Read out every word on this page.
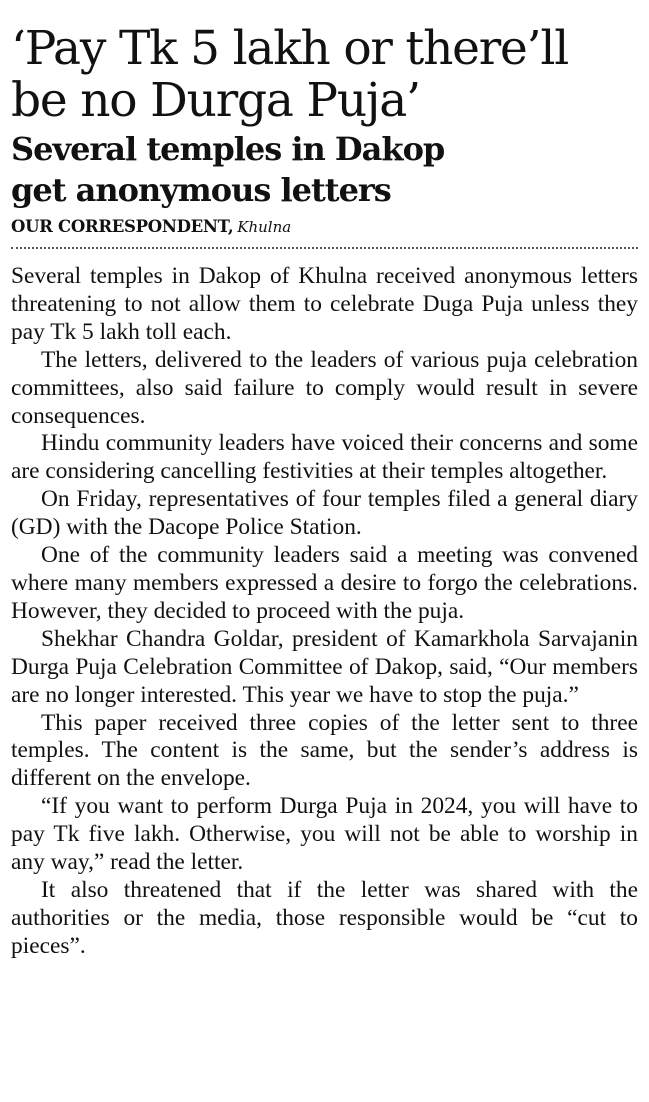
‘Pay Tk 5 lakh or there’ll
be no Durga Puja’
Several temples in Dakop
get anonymous letters
OUR CORRESPONDENT, Khulna

Several temples in Dakop of Khulna received anonymous letters threatening to not allow them to celebrate Duga Puja unless they pay Tk 5 lakh toll each.

The letters, delivered to the leaders of various puja celebration committees, also said failure to comply would result in severe consequences.

Hindu community leaders have voiced their concerns and some are considering cancelling festivities at their temples altogether.

On Friday, representatives of four temples filed a general diary (GD) with the Dacope Police Station.

One of the community leaders said a meeting was convened where many members expressed a desire to forgo the celebrations. However, they decided to proceed with the puja.

Shekhar Chandra Goldar, president of Kamarkhola Sarvajanin Durga Puja Celebration Committee of Dakop, said, “Our members are no longer interested. This year we have to stop the puja.”

This paper received three copies of the letter sent to three temples. The content is the same, but the sender’s address is different on the envelope.

“If you want to perform Durga Puja in 2024, you will have to pay Tk five lakh. Otherwise, you will not be able to worship in any way,” read the letter.

It also threatened that if the letter was shared with the authorities or the media, those responsible would be “cut to pieces”.
